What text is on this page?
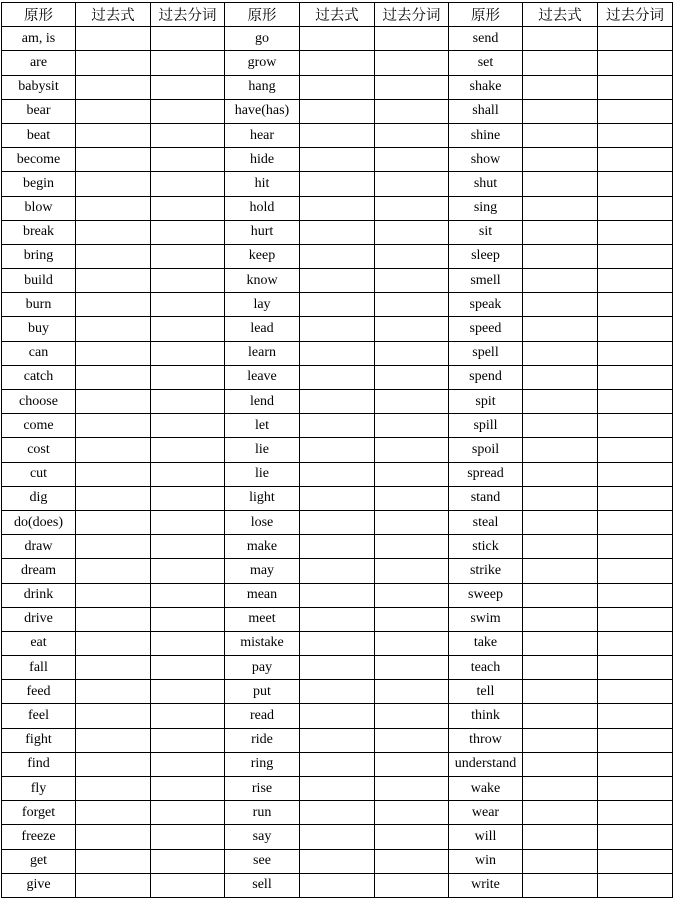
原形	过去式	过去分词	原形	过去式	过去分词	原形	过去式	过去分词
am, is			go			send		
are			grow			set		
babysit			hang			shake		
bear			have(has)			shall		
beat			hear			shine		
become			hide			show		
begin			hit			shut		
blow			hold			sing		
break			hurt			sit		
bring			keep			sleep		
build			know			smell		
burn			lay			speak		
buy			lead			speed		
can			learn			spell		
catch			leave			spend		
choose			lend			spit		
come			let			spill		
cost			lie			spoil		
cut			lie			spread		
dig			light			stand		
do(does)			lose			steal		
draw			make			stick		
dream			may			strike		
drink			mean			sweep		
drive			meet			swim		
eat			mistake			take		
fall			pay			teach		
feed			put			tell		
feel			read			think		
fight			ride			throw		
find			ring			understand		
fly			rise			wake		
forget			run			wear		
freeze			say			will		
get			see			win		
give			sell			write		
